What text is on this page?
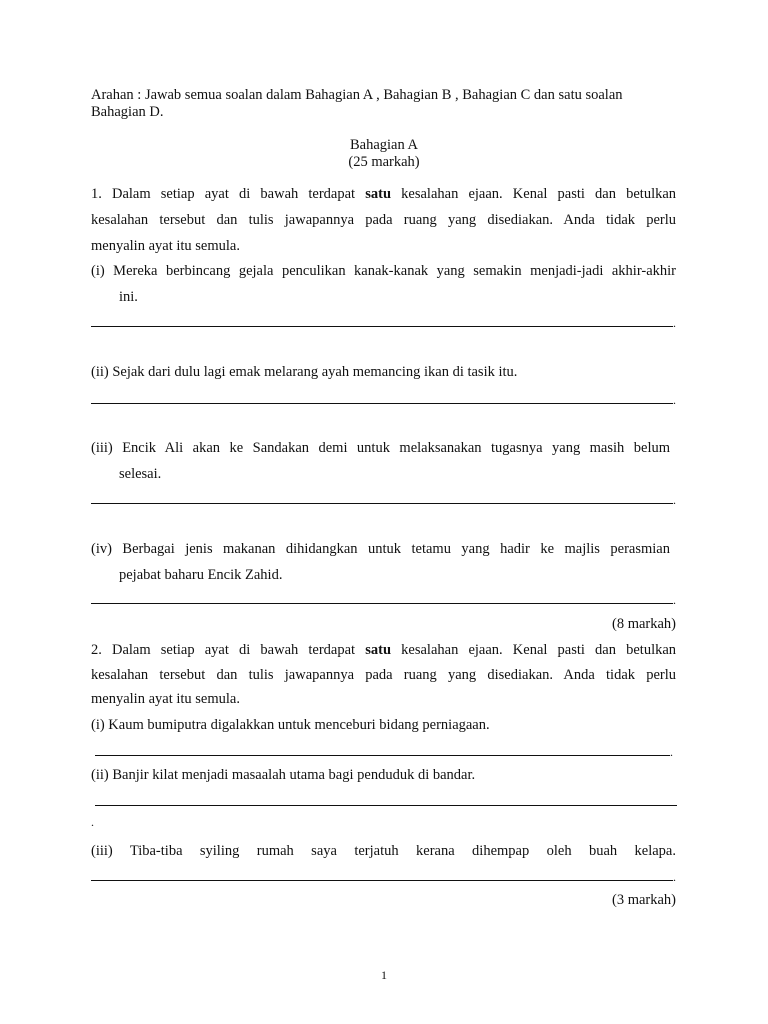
Arahan : Jawab semua soalan dalam Bahagian A , Bahagian B , Bahagian C dan satu soalan
Bahagian D.
Bahagian A
(25 markah)
1. Dalam setiap ayat di bawah terdapat satu kesalahan ejaan. Kenal pasti dan betulkan
kesalahan tersebut dan tulis jawapannya pada ruang yang disediakan. Anda tidak perlu
menyalin ayat itu semula.
(i) Mereka berbincang gejala penculikan kanak-kanak yang semakin menjadi-jadi akhir-akhir
ini.
.
(ii) Sejak dari dulu lagi emak melarang ayah memancing ikan di tasik itu.
.
(iii) Encik Ali akan ke Sandakan demi untuk melaksanakan tugasnya yang masih belum
selesai.
.
(iv) Berbagai jenis makanan dihidangkan untuk tetamu yang hadir ke majlis perasmian
pejabat baharu Encik Zahid.
.
(8 markah)
2. Dalam setiap ayat di bawah terdapat satu kesalahan ejaan. Kenal pasti dan betulkan
kesalahan tersebut dan tulis jawapannya pada ruang yang disediakan. Anda tidak perlu
menyalin ayat itu semula.
(i) Kaum bumiputra digalakkan untuk menceburi bidang perniagaan.
.
(ii) Banjir kilat menjadi masaalah utama bagi penduduk di bandar.
.
(iii) Tiba-tiba syiling rumah saya terjatuh kerana dihempap oleh buah kelapa.
.
(3 markah)
1
